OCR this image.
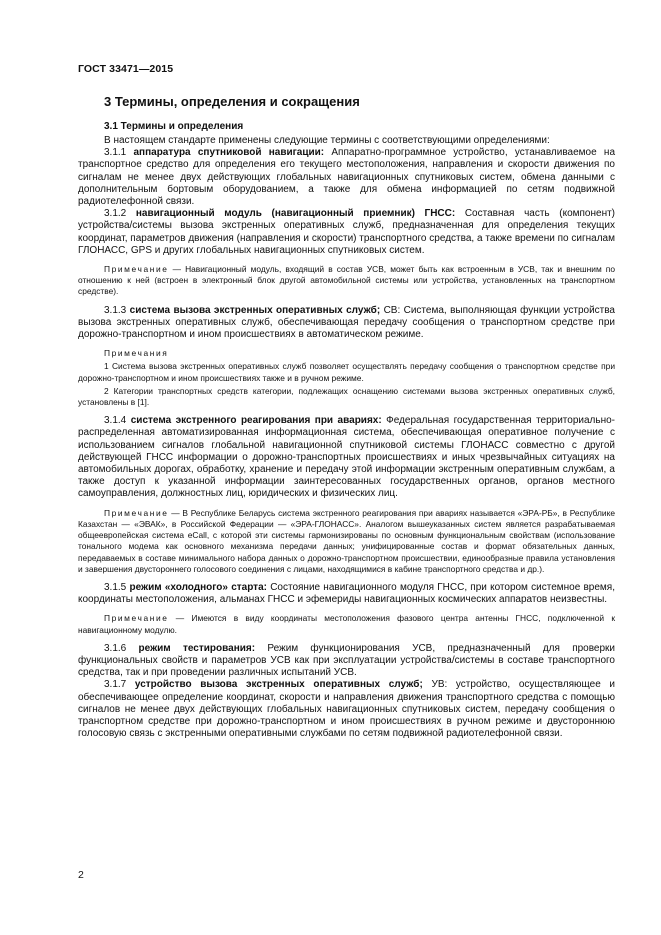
ГОСТ 33471—2015
3 Термины, определения и сокращения
3.1 Термины и определения

В настоящем стандарте применены следующие термины с соответствующими определениями:

3.1.1 аппаратура спутниковой навигации: Аппаратно-программное устройство, устанавливаемое на транспортное средство для определения его текущего местоположения, направления и скорости движения по сигналам не менее двух действующих глобальных навигационных спутниковых систем, обмена данными с дополнительным бортовым оборудованием, а также для обмена информацией по сетям подвижной радиотелефонной связи.

3.1.2 навигационный модуль (навигационный приемник) ГНСС: Составная часть (компонент) устройства/системы вызова экстренных оперативных служб, предназначенная для определения текущих координат, параметров движения (направления и скорости) транспортного средства, а также времени по сигналам ГЛОНАСС, GPS и других глобальных навигационных спутниковых систем.

Примечание — Навигационный модуль, входящий в состав УСВ, может быть как встроенным в УСВ, так и внешним по отношению к ней (встроен в электронный блок другой автомобильной системы или устройства, установленных на транспортном средстве).

3.1.3 система вызова экстренных оперативных служб; СВ: Система, выполняющая функции устройства вызова экстренных оперативных служб, обеспечивающая передачу сообщения о транспортном средстве при дорожно-транспортном и ином происшествиях в автоматическом режиме.

Примечания

1 Система вызова экстренных оперативных служб позволяет осуществлять передачу сообщения о транспортном средстве при дорожно-транспортном и ином происшествиях также и в ручном режиме.

2 Категории транспортных средств категории, подлежащих оснащению системами вызова экстренных оперативных служб, установлены в [1].

3.1.4 система экстренного реагирования при авариях: Федеральная государственная территориально-распределенная автоматизированная информационная система, обеспечивающая оперативное получение с использованием сигналов глобальной навигационной спутниковой системы ГЛОНАСС совместно с другой действующей ГНСС информации о дорожно-транспортных происшествиях и иных чрезвычайных ситуациях на автомобильных дорогах, обработку, хранение и передачу этой информации экстренным оперативным службам, а также доступ к указанной информации заинтересованных государственных органов, органов местного самоуправления, должностных лиц, юридических и физических лиц.

Примечание — В Республике Беларусь система экстренного реагирования при авариях называется «ЭРА-РБ», в Республике Казахстан — «ЭВАК», в Российской Федерации — «ЭРА-ГЛОНАСС». Аналогом вышеуказанных систем является разрабатываемая общеевропейская система eCall, с которой эти системы гармонизированы по основным функциональным свойствам (использование тонального модема как основного механизма передачи данных; унифицированные состав и формат обязательных данных, передаваемых в составе минимального набора данных о дорожно-транспортном происшествии, единообразные правила установления и завершения двустороннего голосового соединения с лицами, находящимися в кабине транспортного средства и др.).

3.1.5 режим «холодного» старта: Состояние навигационного модуля ГНСС, при котором системное время, координаты местоположения, альманах ГНСС и эфемериды навигационных космических аппаратов неизвестны.

Примечание — Имеются в виду координаты местоположения фазового центра антенны ГНСС, подключенной к навигационному модулю.

3.1.6 режим тестирования: Режим функционирования УСВ, предназначенный для проверки функциональных свойств и параметров УСВ как при эксплуатации устройства/системы в составе транспортного средства, так и при проведении различных испытаний УСВ.

3.1.7 устройство вызова экстренных оперативных служб; УВ: устройство, осуществляющее и обеспечивающее определение координат, скорости и направления движения транспортного средства с помощью сигналов не менее двух действующих глобальных навигационных спутниковых систем, передачу сообщения о транспортном средстве при дорожно-транспортном и ином происшествиях в ручном режиме и двустороннюю голосовую связь с экстренными оперативными службами по сетям подвижной радиотелефонной связи.

2
